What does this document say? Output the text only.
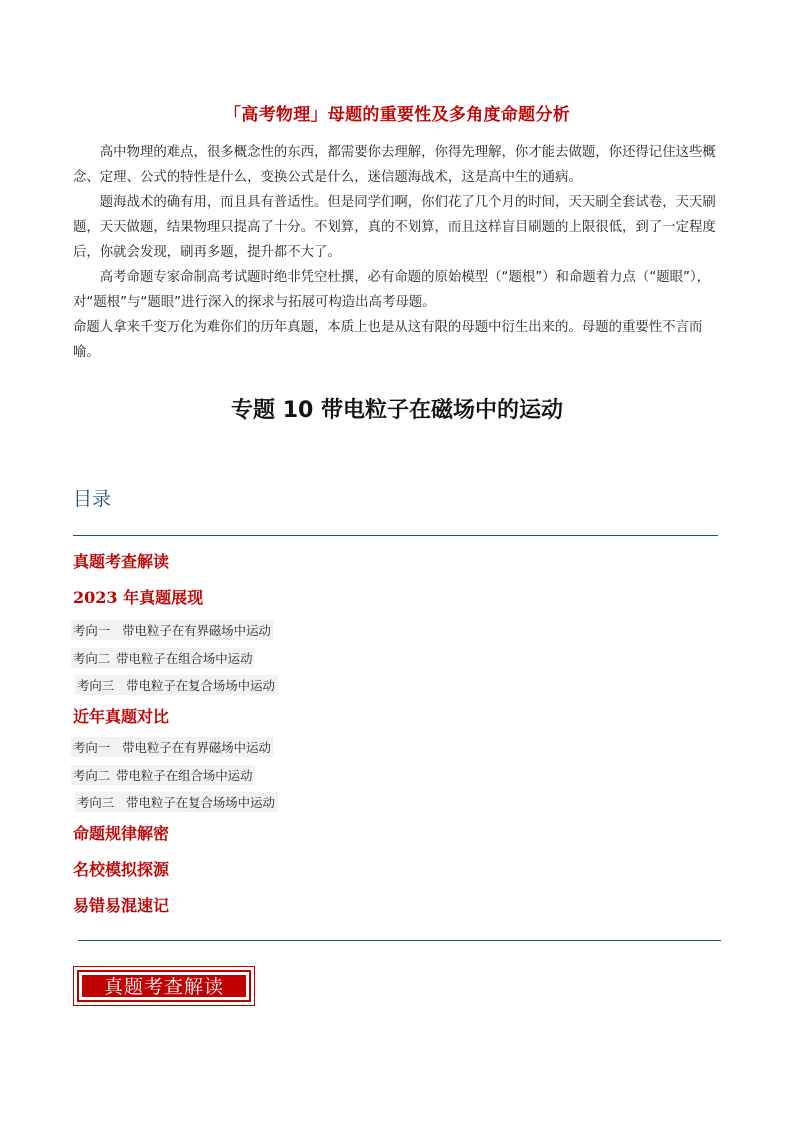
「高考物理」母题的重要性及多角度命题分析

高中物理的难点，很多概念性的东西，都需要你去理解，你得先理解，你才能去做题，你还得记住这些概念、定理、公式的特性是什么，变换公式是什么，迷信题海战术，这是高中生的通病。

题海战术的确有用，而且具有普适性。但是同学们啊，你们花了几个月的时间，天天刷全套试卷，天天刷题，天天做题，结果物理只提高了十分。不划算，真的不划算，而且这样盲目刷题的上限很低，到了一定程度后，你就会发现，刷再多题，提升都不大了。

高考命题专家命制高考试题时绝非凭空杜撰，必有命题的原始模型（“题根”）和命题着力点（“题眼”），对“题根”与“题眼”进行深入的探求与拓展可构造出高考母题。

命题人拿来千变万化为难你们的历年真题，本质上也是从这有限的母题中衍生出来的。母题的重要性不言而喻。

专题 10 带电粒子在磁场中的运动
目录
真题考查解读
2023 年真题展现
考向一 带电粒子在有界磁场中运动
考向二 带电粒子在组合场中运动
考向三 带电粒子在复合场场中运动
近年真题对比
考向一 带电粒子在有界磁场中运动
考向二 带电粒子在组合场中运动
考向三 带电粒子在复合场场中运动
命题规律解密
名校模拟探源
易错易混速记
真题考查解读
